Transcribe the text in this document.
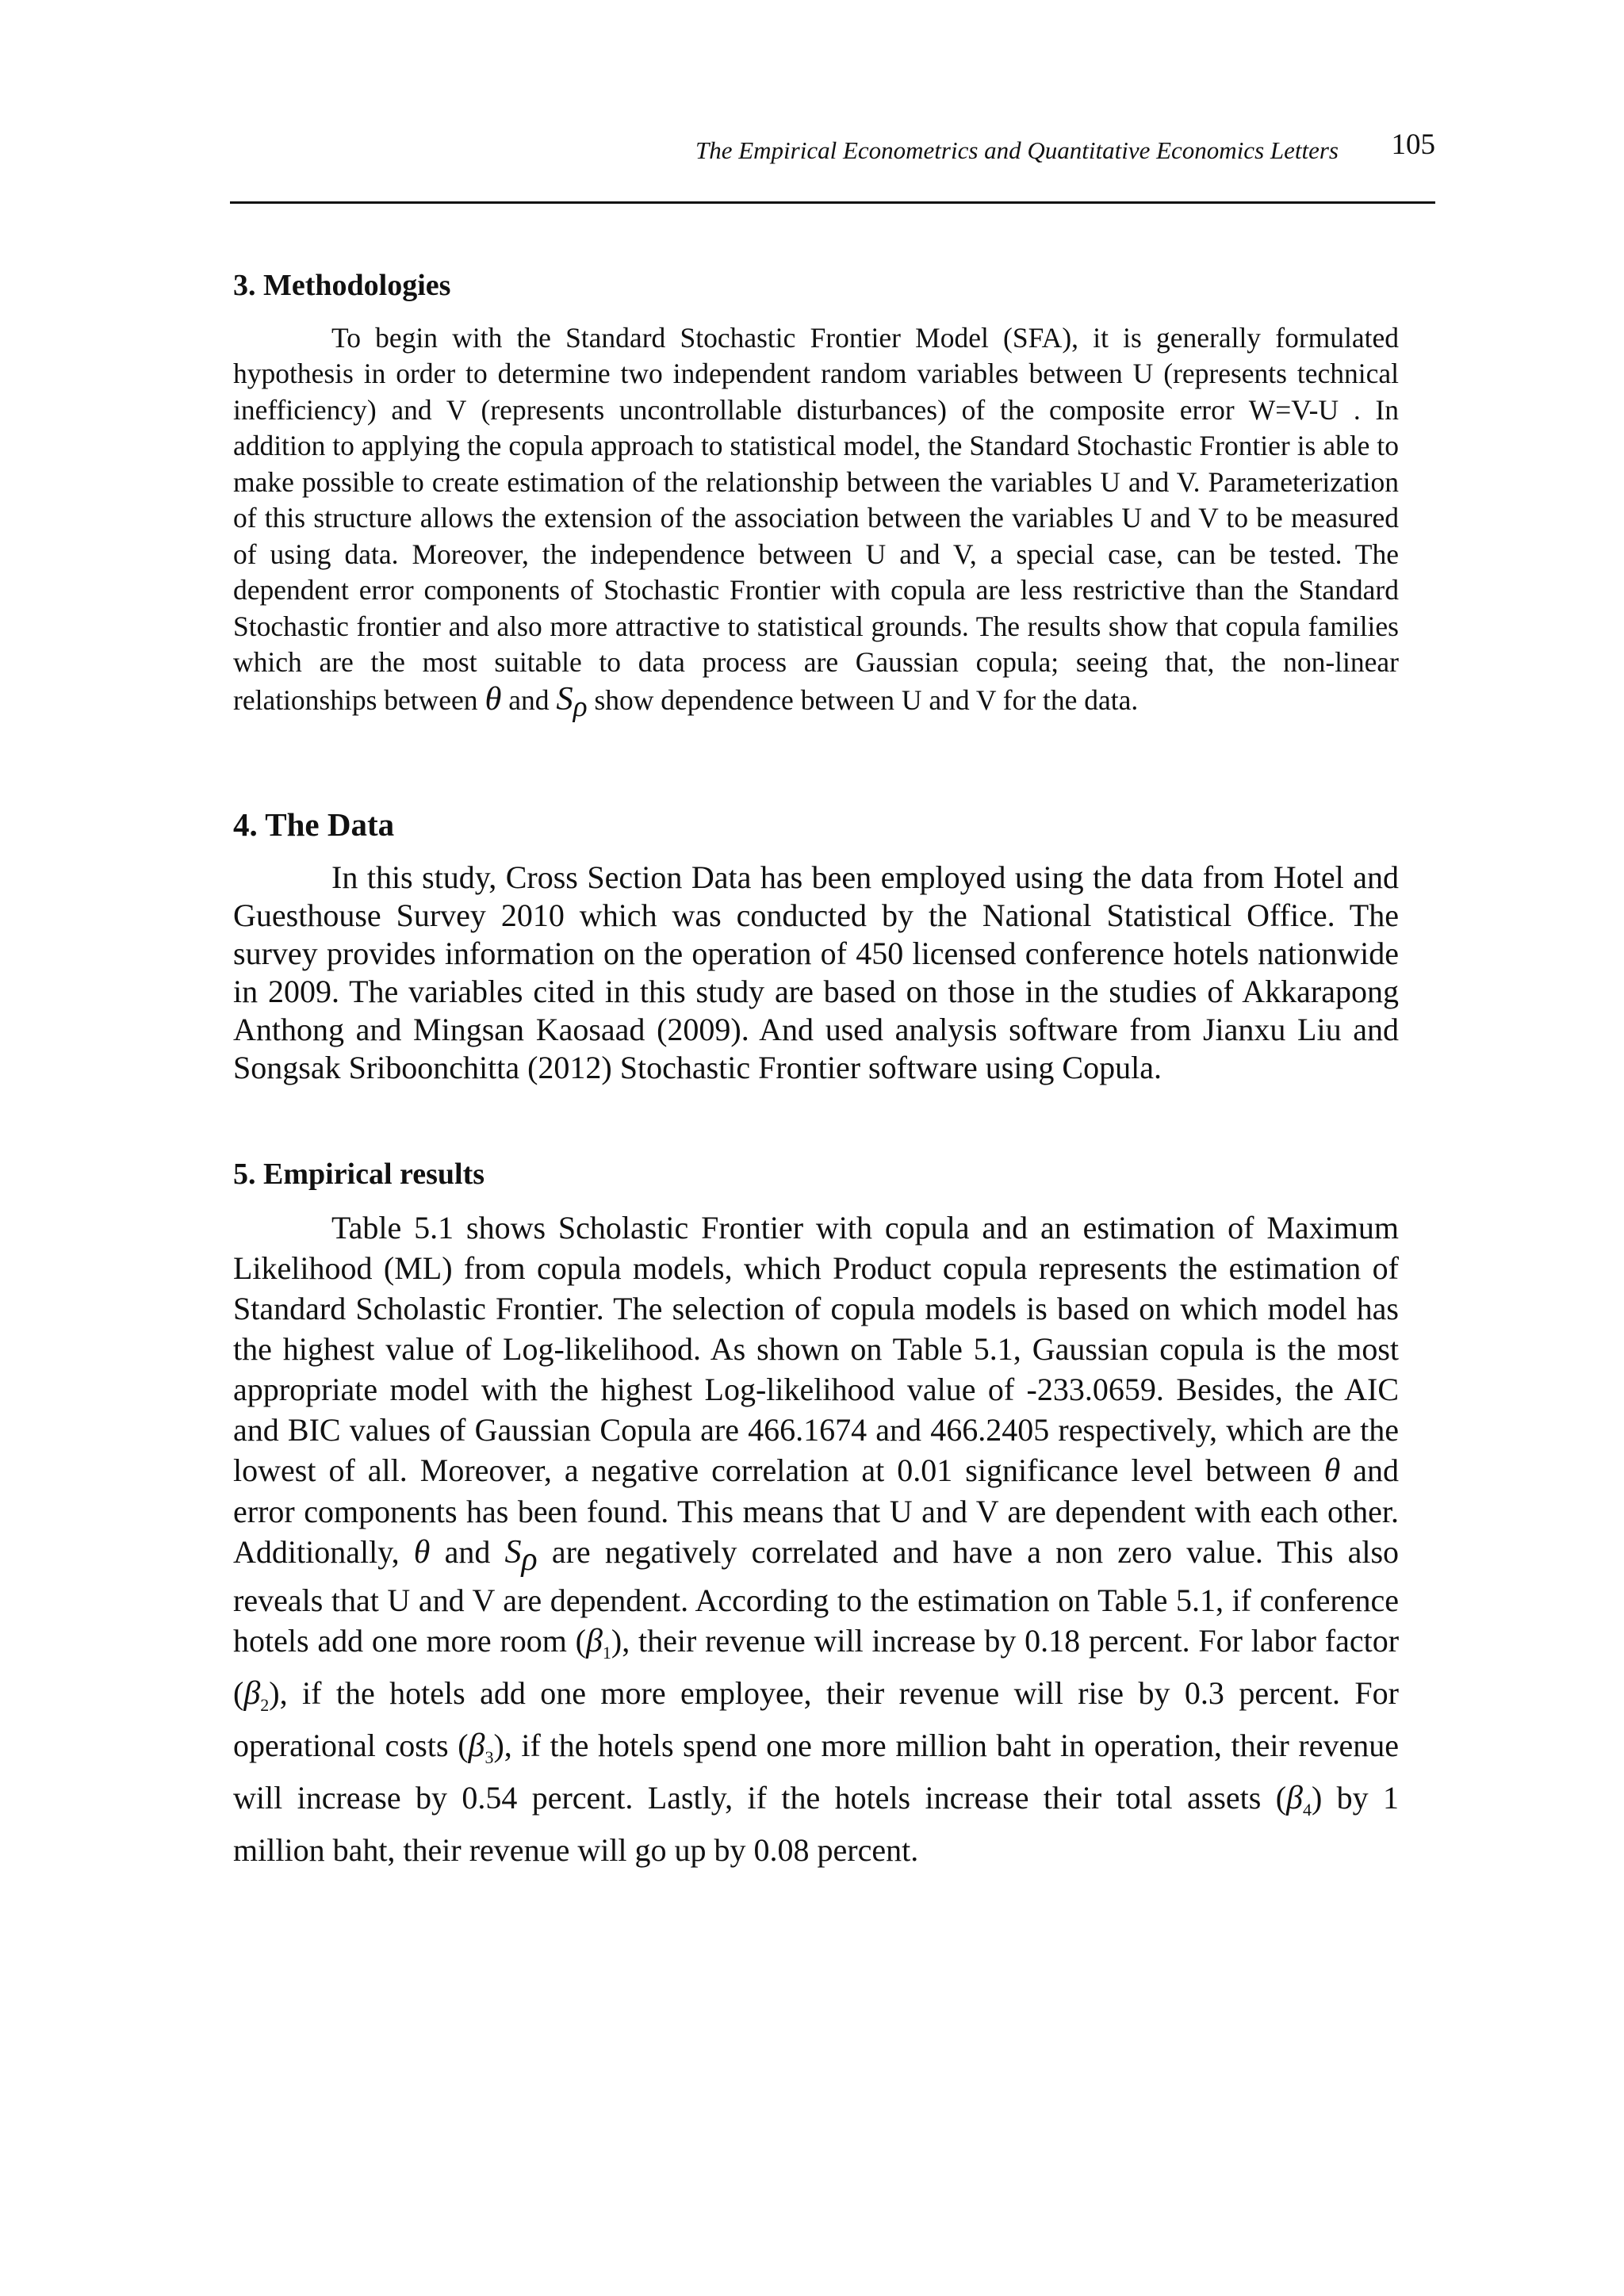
The Empirical Econometrics and Quantitative Economics Letters 105
3. Methodologies

To begin with the Standard Stochastic Frontier Model (SFA), it is generally formulated hypothesis in order to determine two independent random variables between U (represents technical inefficiency) and V (represents uncontrollable disturbances) of the composite error W=V-U . In addition to applying the copula approach to statistical model, the Standard Stochastic Frontier is able to make possible to create estimation of the relationship between the variables U and V. Parameterization of this structure allows the extension of the association between the variables U and V to be measured of using data. Moreover, the independence between U and V, a special case, can be tested. The dependent error components of Stochastic Frontier with copula are less restrictive than the Standard Stochastic frontier and also more attractive to statistical grounds. The results show that copula families which are the most suitable to data process are Gaussian copula; seeing that, the non-linear relationships between θ and $S_\rho$ show dependence between U and V for the data.

4. The Data

In this study, Cross Section Data has been employed using the data from Hotel and Guesthouse Survey 2010 which was conducted by the National Statistical Office. The survey provides information on the operation of 450 licensed conference hotels nationwide in 2009. The variables cited in this study are based on those in the studies of Akkarapong Anthong and Mingsan Kaosaad (2009). And used analysis software from Jianxu Liu and Songsak Sriboonchitta (2012) Stochastic Frontier software using Copula.

5. Empirical results

Table 5.1 shows Scholastic Frontier with copula and an estimation of Maximum Likelihood (ML) from copula models, which Product copula represents the estimation of Standard Scholastic Frontier. The selection of copula models is based on which model has the highest value of Log-likelihood. As shown on Table 5.1, Gaussian copula is the most appropriate model with the highest Log-likelihood value of -233.0659. Besides, the AIC and BIC values of Gaussian Copula are 466.1674 and 466.2405 respectively, which are the lowest of all. Moreover, a negative correlation at 0.01 significance level between θ and error components has been found. This means that U and V are dependent with each other. Additionally, θ and $S_\rho$ are negatively correlated and have a non zero value. This also reveals that U and V are dependent. According to the estimation on Table 5.1, if conference hotels add one more room $(\beta_1)$, their revenue will increase by 0.18 percent. For labor factor $(\beta_2)$, if the hotels add one more employee, their revenue will rise by 0.3 percent. For operational costs $(\beta_3)$, if the hotels spend one more million baht in operation, their revenue will increase by 0.54 percent. Lastly, if the hotels increase their total assets $(\beta_4)$ by 1 million baht, their revenue will go up by 0.08 percent.
